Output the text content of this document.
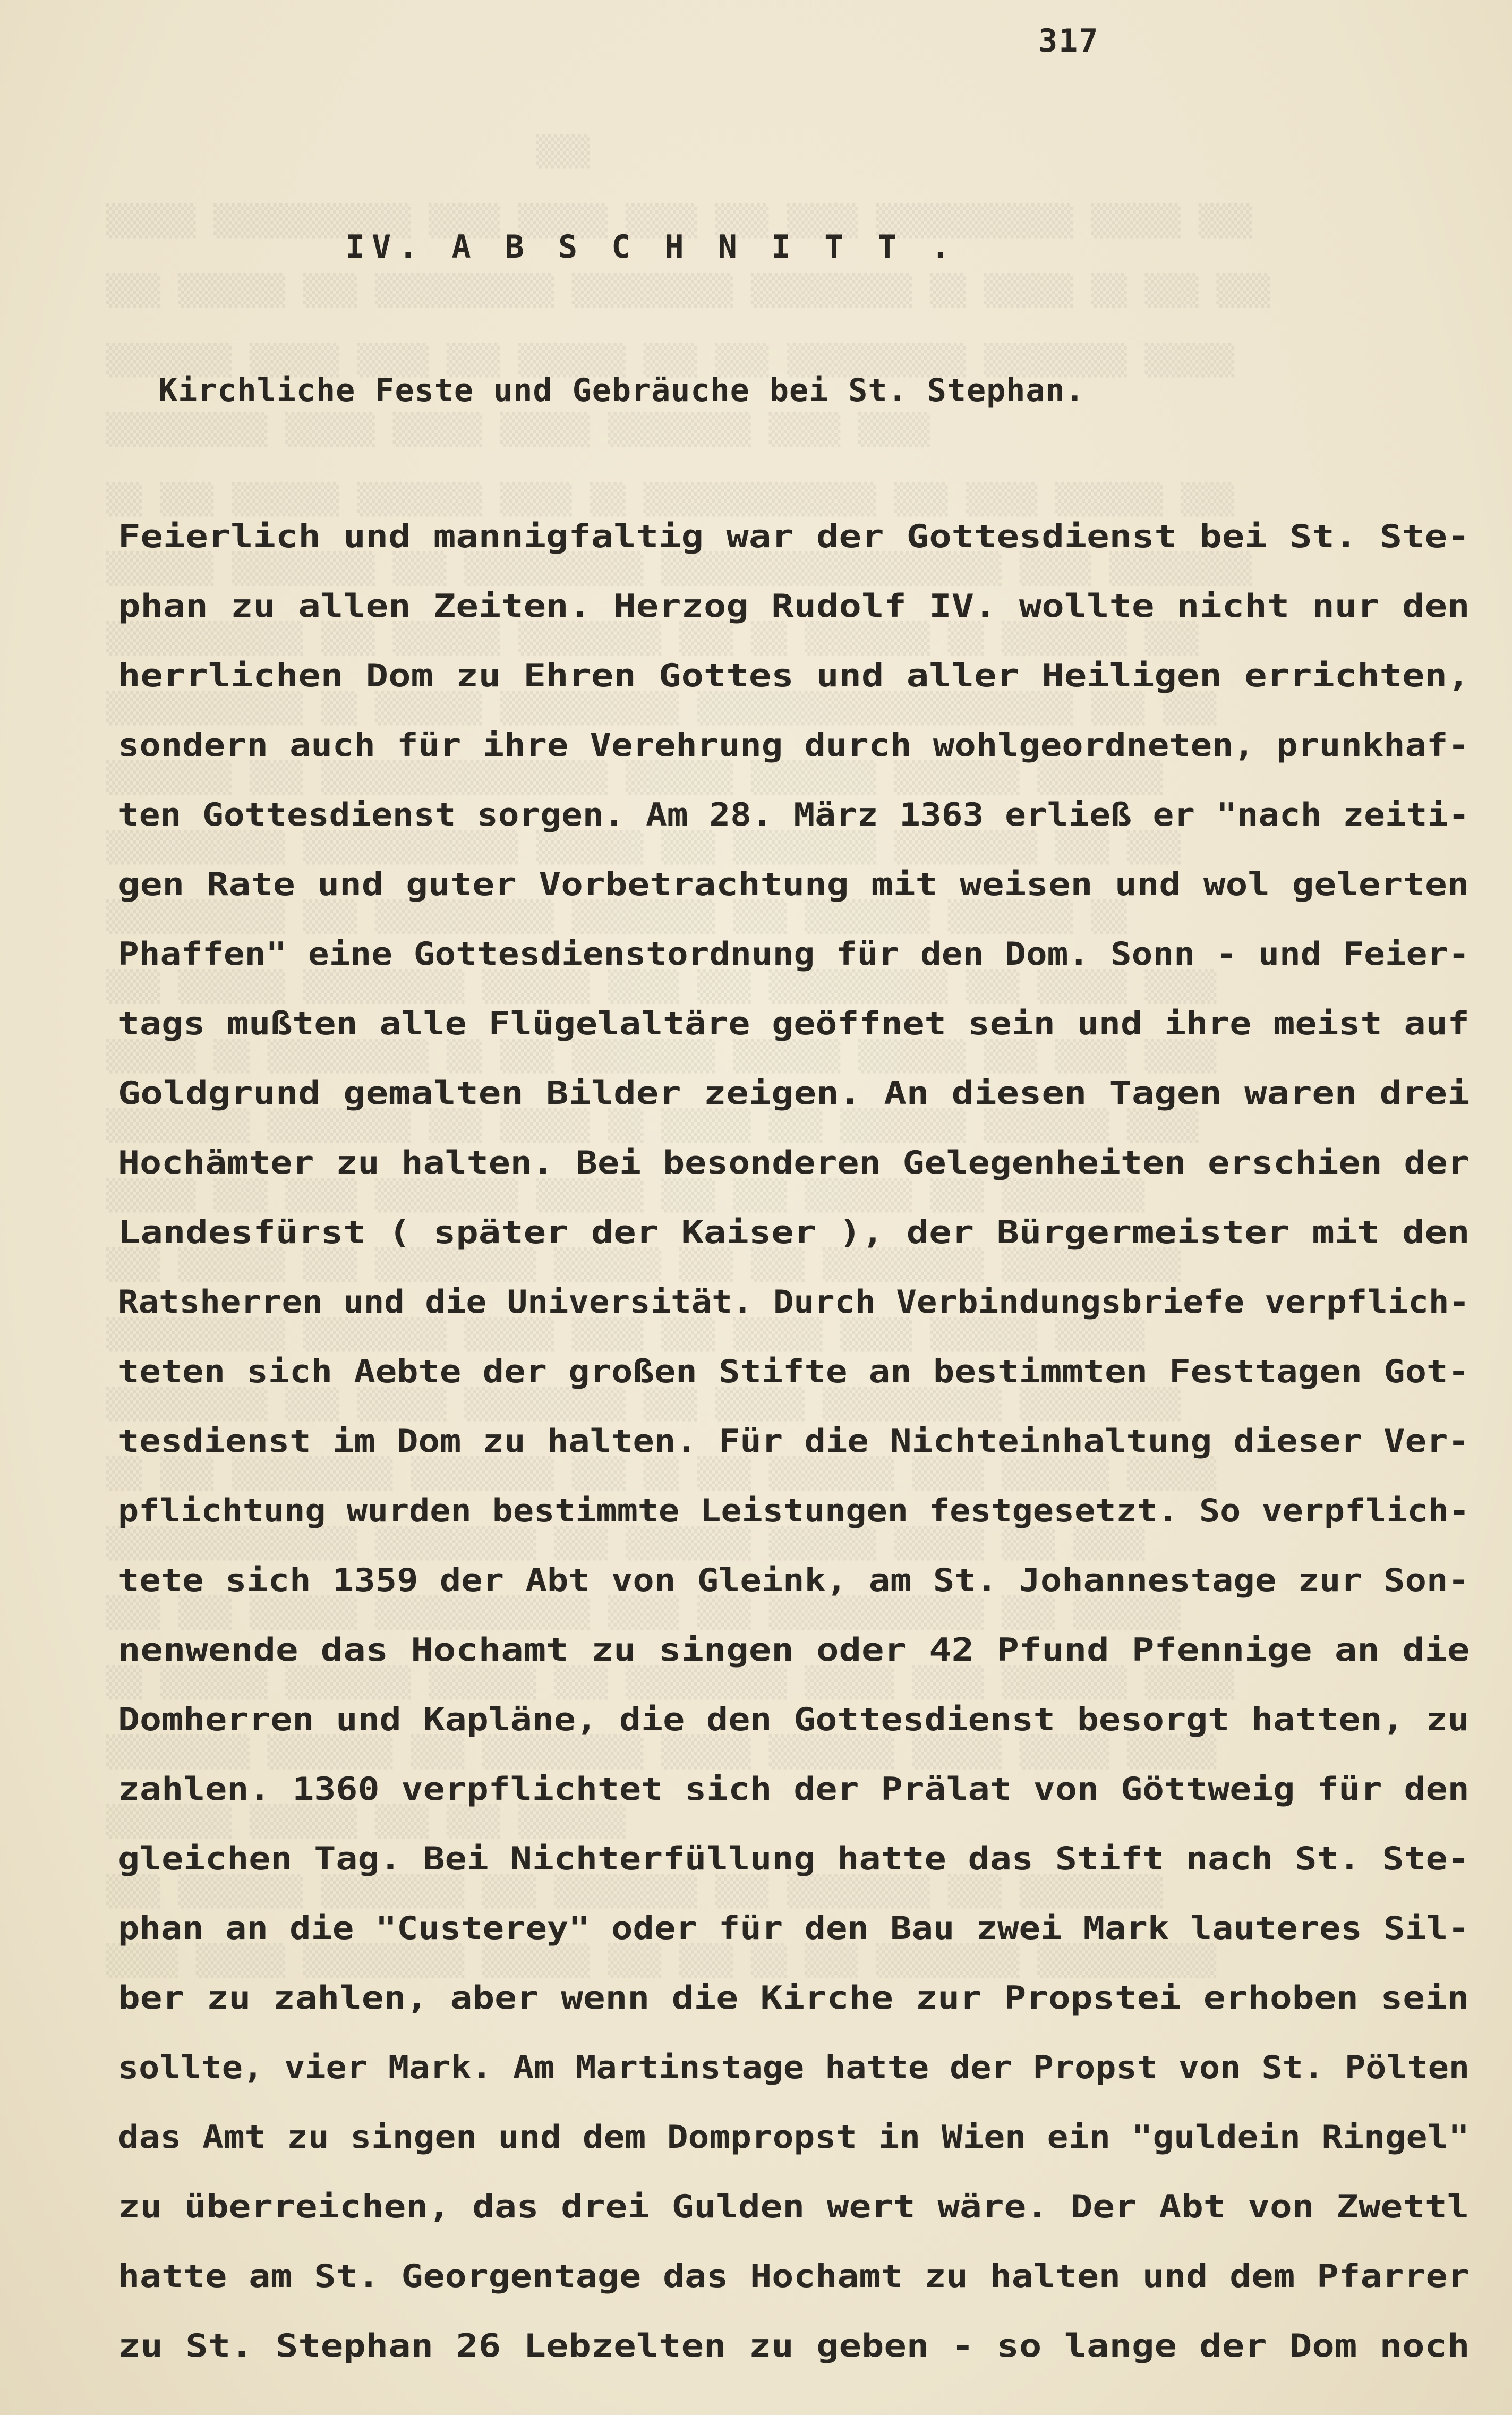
▒▒▒
▒▒▒▒▒ ▒▒▒▒▒▒▒▒▒▒▒ ▒▒▒▒ ▒▒▒▒▒ ▒▒▒▒ ▒▒▒ ▒▒▒▒ ▒▒▒▒▒▒▒▒▒▒▒ ▒▒▒▒▒ ▒▒▒
▒▒▒ ▒▒▒▒▒▒ ▒▒▒ ▒▒▒▒▒▒▒▒▒▒ ▒▒▒▒▒▒▒▒▒ ▒▒▒▒▒▒▒▒▒ ▒▒ ▒▒▒▒▒ ▒▒ ▒▒▒ ▒▒▒
▒▒▒▒▒▒▒ ▒▒▒▒▒ ▒▒▒▒ ▒▒▒ ▒▒▒▒▒▒ ▒▒▒ ▒▒▒ ▒▒▒▒▒▒▒▒▒▒ ▒▒▒▒▒▒▒▒ ▒▒▒▒▒
▒▒▒▒▒▒▒▒▒ ▒▒▒▒▒ ▒▒▒▒▒ ▒▒▒▒▒ ▒▒▒▒▒▒▒▒ ▒▒▒▒ ▒▒▒▒
▒▒ ▒▒▒ ▒▒▒▒▒▒ ▒▒▒▒▒▒▒ ▒▒▒▒ ▒▒ ▒▒▒▒▒▒▒▒▒▒▒▒▒ ▒▒▒ ▒▒▒▒ ▒▒▒▒▒▒ ▒▒▒
▒▒▒▒▒▒ ▒▒▒▒▒▒▒▒ ▒▒▒ ▒▒▒▒▒▒▒▒▒▒ ▒▒▒▒▒▒▒▒▒▒▒▒▒▒▒▒▒▒▒ ▒▒▒▒ ▒▒▒▒▒▒▒▒
▒▒▒▒▒▒▒▒▒▒▒ ▒▒▒ ▒▒▒▒▒▒ ▒▒▒▒▒▒▒▒ ▒▒▒ ▒▒ ▒▒▒▒▒▒▒ ▒▒ ▒▒▒▒▒▒▒ ▒▒▒
▒▒▒▒▒▒▒▒▒▒▒ ▒▒ ▒▒▒▒▒▒ ▒▒▒▒▒▒▒▒▒▒ ▒▒▒▒▒▒▒▒▒▒▒▒▒▒▒▒▒▒▒▒▒ ▒▒▒ ▒▒▒
▒▒▒▒▒▒▒ ▒▒▒ ▒▒▒▒▒▒▒▒▒▒▒▒▒▒▒▒ ▒▒▒▒▒▒ ▒▒▒▒▒▒▒ ▒▒▒▒▒▒▒ ▒▒▒▒▒▒▒
▒▒▒▒▒▒▒▒▒▒ ▒▒▒▒▒▒▒▒▒▒▒▒ ▒▒▒▒▒▒ ▒▒▒ ▒▒▒▒▒▒▒▒ ▒▒▒▒▒▒▒▒ ▒▒▒ ▒▒▒
▒▒▒▒▒▒▒▒▒▒ ▒▒▒ ▒▒▒▒▒▒▒▒▒▒ ▒▒▒▒▒▒▒▒ ▒▒▒ ▒▒▒▒▒▒▒ ▒▒▒▒▒▒▒ ▒▒
▒▒▒ ▒▒▒▒▒▒ ▒▒▒▒▒▒▒▒▒ ▒▒▒▒▒▒ ▒▒▒▒ ▒▒▒ ▒▒▒▒▒▒▒▒▒▒ ▒▒▒ ▒▒▒▒▒ ▒▒▒▒
▒▒▒▒▒ ▒▒ ▒▒▒▒▒▒▒▒▒ ▒▒ ▒▒▒ ▒▒▒▒▒▒▒▒ ▒▒▒▒▒▒ ▒▒▒▒▒▒ ▒▒▒ ▒▒▒▒ ▒▒▒▒
▒▒▒▒▒▒▒▒ ▒▒▒▒▒▒▒▒ ▒▒▒ ▒▒▒▒▒ ▒▒ ▒▒▒▒▒ ▒▒▒ ▒▒▒▒▒▒▒ ▒▒▒▒▒▒▒ ▒▒▒▒
▒▒▒▒▒ ▒▒▒ ▒▒▒▒ ▒▒▒▒▒▒▒▒ ▒▒▒▒▒▒ ▒▒▒ ▒▒▒ ▒▒▒▒▒▒ ▒▒▒ ▒▒▒▒▒▒▒▒
▒▒▒ ▒▒▒▒▒▒ ▒▒▒ ▒▒▒▒▒▒▒▒▒ ▒▒▒▒▒▒ ▒▒▒ ▒▒▒ ▒▒▒▒▒▒▒▒▒ ▒▒▒▒▒▒▒▒▒▒
▒▒▒▒▒▒▒▒▒▒ ▒▒▒▒▒▒▒▒ ▒▒▒▒▒ ▒▒▒▒ ▒▒▒ ▒▒▒▒▒ ▒▒▒▒ ▒▒▒▒▒▒ ▒▒▒▒▒
▒▒▒▒▒▒▒▒▒ ▒▒▒ ▒▒▒▒▒ ▒▒▒▒▒▒▒▒▒ ▒▒▒ ▒▒▒▒▒ ▒▒▒▒▒▒▒▒▒▒ ▒▒▒▒▒▒▒▒▒
▒▒ ▒▒▒ ▒▒▒▒▒▒▒▒▒ ▒▒▒▒▒▒▒▒ ▒▒▒ ▒▒ ▒▒▒ ▒▒▒▒▒▒▒ ▒▒▒▒ ▒▒▒▒▒▒ ▒▒▒▒▒
▒▒▒▒▒▒▒▒▒▒▒▒▒▒ ▒▒▒▒▒▒▒▒▒ ▒▒▒ ▒▒▒▒▒▒▒ ▒▒▒▒▒▒ ▒▒▒▒▒ ▒▒▒ ▒▒▒▒
▒▒▒ ▒▒▒ ▒▒▒▒▒▒ ▒▒▒▒▒▒▒▒▒▒▒▒ ▒▒▒▒ ▒▒▒ ▒▒▒▒▒▒▒▒▒▒▒▒ ▒▒▒ ▒▒▒▒▒▒
▒▒ ▒▒▒▒▒▒ ▒▒▒▒▒▒▒ ▒▒▒▒▒▒ ▒▒▒ ▒▒▒▒▒▒▒▒▒ ▒▒▒▒▒ ▒▒▒▒ ▒▒▒▒▒▒▒ ▒▒▒▒▒
▒▒▒▒▒▒▒▒ ▒▒▒▒▒▒▒ ▒▒▒ ▒▒▒▒▒▒▒▒▒ ▒▒▒▒▒ ▒▒▒▒▒▒▒ ▒▒▒▒▒ ▒▒▒▒▒ ▒▒▒▒▒
▒▒▒▒▒▒▒ ▒▒▒▒▒▒ ▒▒▒ ▒▒▒ ▒▒▒▒▒▒
▒▒▒ ▒▒▒▒▒▒▒ ▒▒▒▒▒▒▒▒ ▒▒▒ ▒▒▒▒▒▒▒▒ ▒▒▒ ▒▒▒▒▒▒▒▒ ▒▒▒ ▒▒▒▒▒▒▒▒
▒▒▒▒ ▒▒▒▒▒ ▒▒▒▒▒▒▒▒▒ ▒▒▒▒▒▒ ▒▒▒ ▒▒▒ ▒▒ ▒▒▒ ▒▒▒▒▒▒▒▒ ▒▒▒▒▒▒▒▒▒▒
317
IV. A B S C H N I T T .
Kirchliche Feste und Gebräuche bei St. Stephan.
Feierlich und mannigfaltig war der Gottesdienst bei St. Ste-
phan zu allen Zeiten. Herzog Rudolf IV. wollte nicht nur den
herrlichen Dom zu Ehren Gottes und aller Heiligen errichten,
sondern auch für ihre Verehrung durch wohlgeordneten, prunkhaf-
ten Gottesdienst sorgen. Am 28. März 1363 erließ er "nach zeiti-
gen Rate und guter Vorbetrachtung mit weisen und wol gelerten
Phaffen" eine Gottesdienstordnung für den Dom. Sonn - und Feier-
tags mußten alle Flügelaltäre geöffnet sein und ihre meist auf
Goldgrund gemalten Bilder zeigen. An diesen Tagen waren drei
Hochämter zu halten. Bei besonderen Gelegenheiten erschien der
Landesfürst ( später der Kaiser ), der Bürgermeister mit den
Ratsherren und die Universität. Durch Verbindungsbriefe verpflich-
teten sich Aebte der großen Stifte an bestimmten Festtagen Got-
tesdienst im Dom zu halten. Für die Nichteinhaltung dieser Ver-
pflichtung wurden bestimmte Leistungen festgesetzt. So verpflich-
tete sich 1359 der Abt von Gleink, am St. Johannestage zur Son-
nenwende das Hochamt zu singen oder 42 Pfund Pfennige an die
Domherren und Kapläne, die den Gottesdienst besorgt hatten, zu
zahlen. 1360 verpflichtet sich der Prälat von Göttweig für den
gleichen Tag. Bei Nichterfüllung hatte das Stift nach St. Ste-
phan an die "Custerey" oder für den Bau zwei Mark lauteres Sil-
ber zu zahlen, aber wenn die Kirche zur Propstei erhoben sein
sollte, vier Mark. Am Martinstage hatte der Propst von St. Pölten
das Amt zu singen und dem Dompropst in Wien ein "guldein Ringel"
zu überreichen, das drei Gulden wert wäre. Der Abt von Zwettl
hatte am St. Georgentage das Hochamt zu halten und dem Pfarrer
zu St. Stephan 26 Lebzelten zu geben - so lange der Dom noch
